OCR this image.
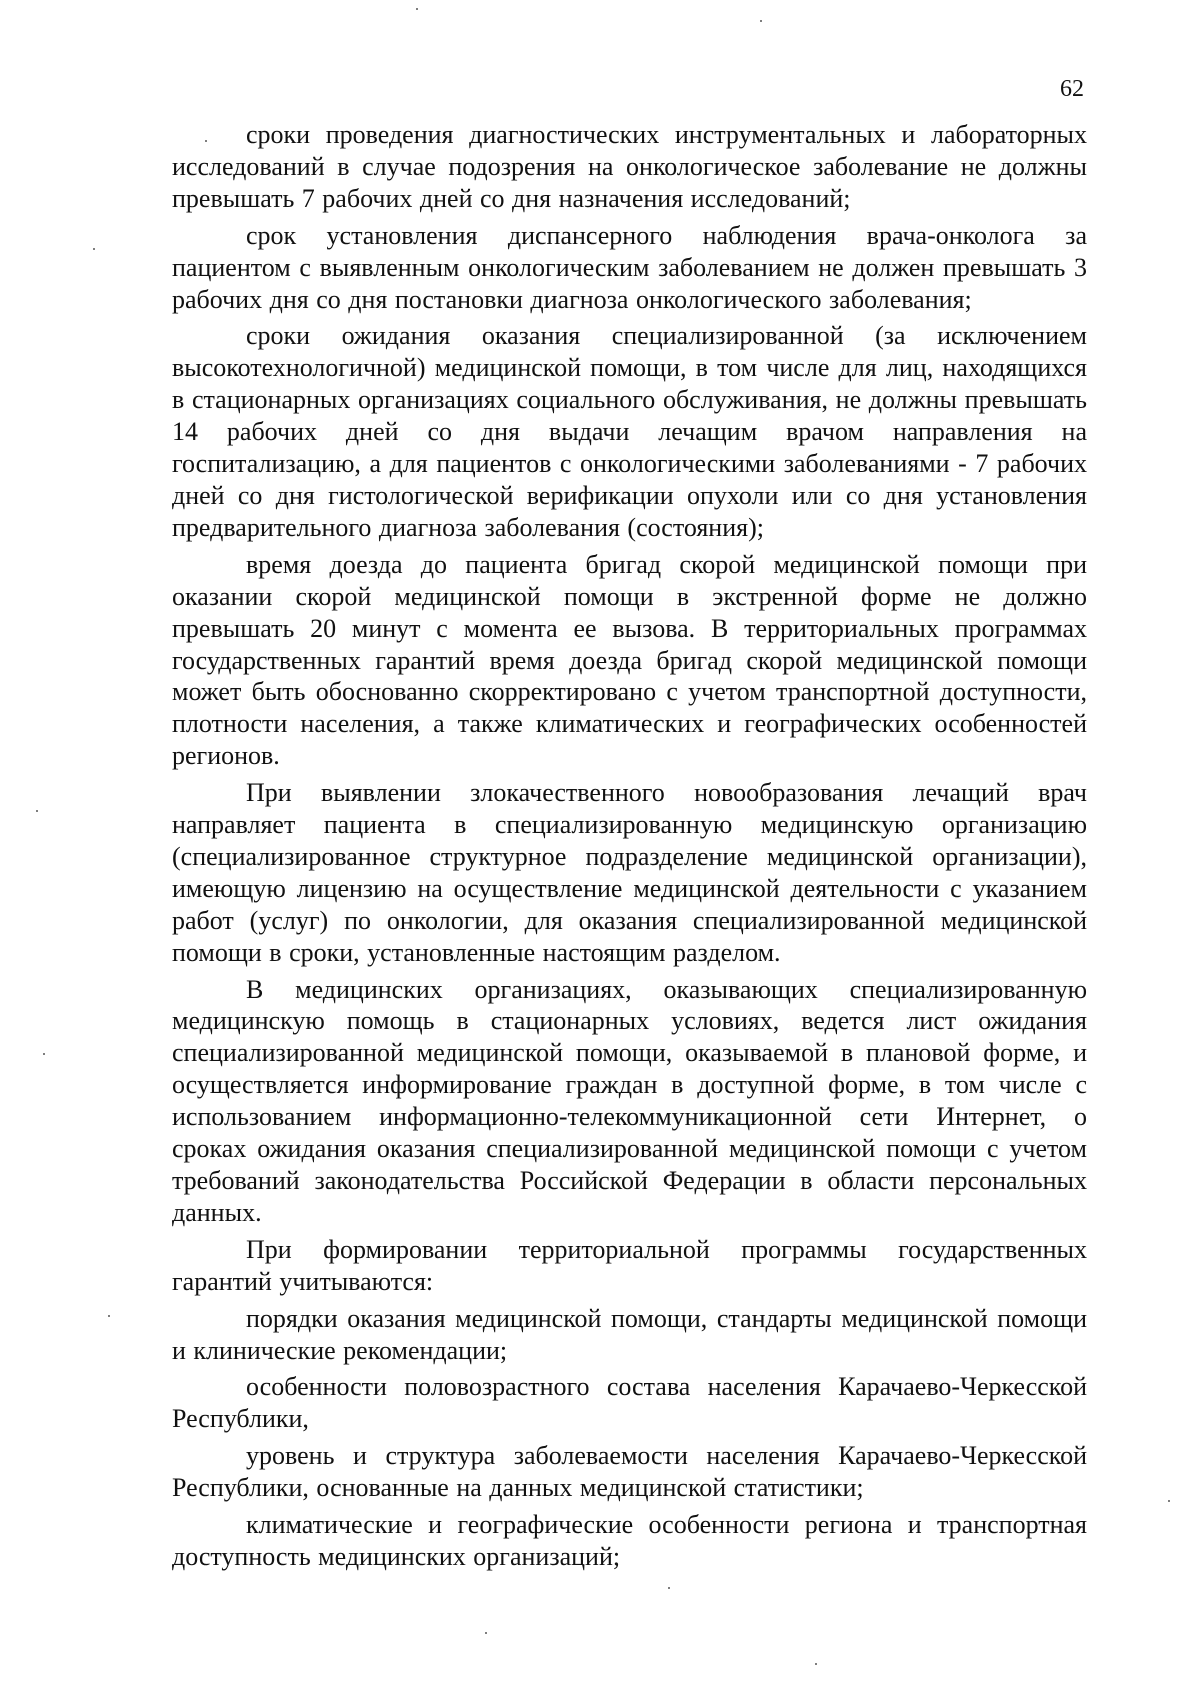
62

сроки проведения диагностических инструментальных и лабораторных исследований в случае подозрения на онкологическое заболевание не должны превышать 7 рабочих дней со дня назначения исследований;

срок установления диспансерного наблюдения врача-онколога за пациентом с выявленным онкологическим заболеванием не должен превышать 3 рабочих дня со дня постановки диагноза онкологического заболевания;

сроки ожидания оказания специализированной (за исключением высокотехнологичной) медицинской помощи, в том числе для лиц, находящихся в стационарных организациях социального обслуживания, не должны превышать 14 рабочих дней со дня выдачи лечащим врачом направления на госпитализацию, а для пациентов с онкологическими заболеваниями - 7 рабочих дней со дня гистологической верификации опухоли или со дня установления предварительного диагноза заболевания (состояния);

время доезда до пациента бригад скорой медицинской помощи при оказании скорой медицинской помощи в экстренной форме не должно превышать 20 минут с момента ее вызова. В территориальных программах государственных гарантий время доезда бригад скорой медицинской помощи может быть обоснованно скорректировано с учетом транспортной доступности, плотности населения, а также климатических и географических особенностей регионов.

При выявлении злокачественного новообразования лечащий врач направляет пациента в специализированную медицинскую организацию (специализированное структурное подразделение медицинской организации), имеющую лицензию на осуществление медицинской деятельности с указанием работ (услуг) по онкологии, для оказания специализированной медицинской помощи в сроки, установленные настоящим разделом.

В медицинских организациях, оказывающих специализированную медицинскую помощь в стационарных условиях, ведется лист ожидания специализированной медицинской помощи, оказываемой в плановой форме, и осуществляется информирование граждан в доступной форме, в том числе с использованием информационно-телекоммуникационной сети Интернет, о сроках ожидания оказания специализированной медицинской помощи с учетом требований законодательства Российской Федерации в области персональных данных.

При формировании территориальной программы государственных гарантий учитываются:

порядки оказания медицинской помощи, стандарты медицинской помощи и клинические рекомендации;

особенности половозрастного состава населения Карачаево-Черкесской Республики,

уровень и структура заболеваемости населения Карачаево-Черкесской Республики, основанные на данных медицинской статистики;

климатические и географические особенности региона и транспортная доступность медицинских организаций;
